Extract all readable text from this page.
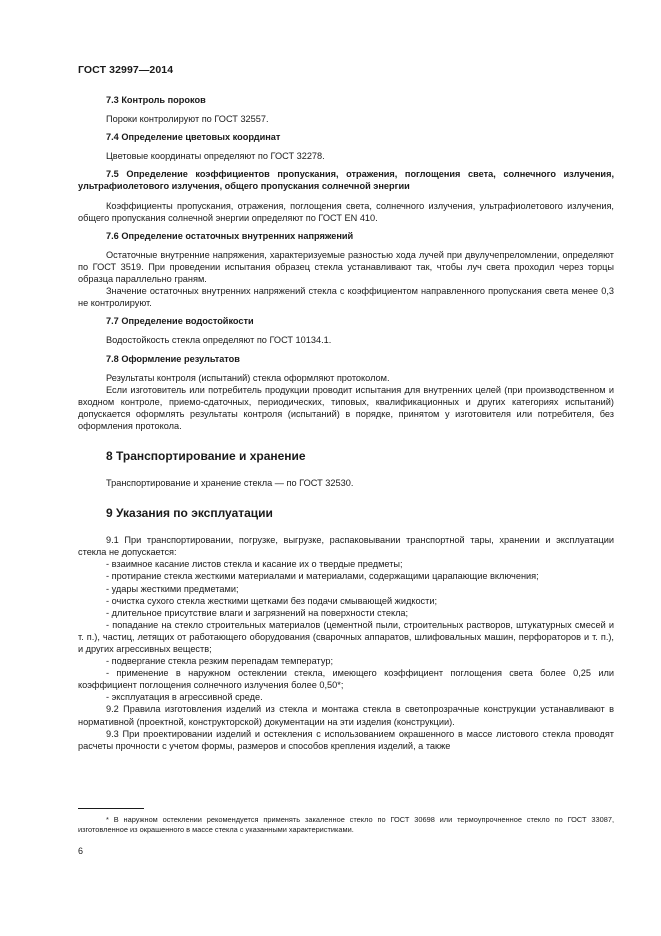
ГОСТ 32997—2014

7.3 Контроль пороков

Пороки контролируют по ГОСТ 32557.

7.4 Определение цветовых координат

Цветовые координаты определяют по ГОСТ 32278.

7.5 Определение коэффициентов пропускания, отражения, поглощения света, солнечного излучения, ультрафиолетового излучения, общего пропускания солнечной энергии

Коэффициенты пропускания, отражения, поглощения света, солнечного излучения, ультрафиолетового излучения, общего пропускания солнечной энергии определяют по ГОСТ EN 410.

7.6 Определение остаточных внутренних напряжений

Остаточные внутренние напряжения, характеризуемые разностью хода лучей при двулучепреломлении, определяют по ГОСТ 3519. При проведении испытания образец стекла устанавливают так, чтобы луч света проходил через торцы образца параллельно граням.

Значение остаточных внутренних напряжений стекла с коэффициентом направленного пропускания света менее 0,3 не контролируют.

7.7 Определение водостойкости

Водостойкость стекла определяют по ГОСТ 10134.1.

7.8 Оформление результатов

Результаты контроля (испытаний) стекла оформляют протоколом.

Если изготовитель или потребитель продукции проводит испытания для внутренних целей (при производственном и входном контроле, приемо-сдаточных, периодических, типовых, квалификационных и других категориях испытаний) допускается оформлять результаты контроля (испытаний) в порядке, принятом у изготовителя или потребителя, без оформления протокола.

8 Транспортирование и хранение

Транспортирование и хранение стекла — по ГОСТ 32530.

9 Указания по эксплуатации

9.1 При транспортировании, погрузке, выгрузке, распаковывании транспортной тары, хранении и эксплуатации стекла не допускается:

- взаимное касание листов стекла и касание их о твердые предметы;

- протирание стекла жесткими материалами и материалами, содержащими царапающие включения;

- удары жесткими предметами;

- очистка сухого стекла жесткими щетками без подачи смывающей жидкости;

- длительное присутствие влаги и загрязнений на поверхности стекла;

- попадание на стекло строительных материалов (цементной пыли, строительных растворов, штукатурных смесей и т. п.), частиц, летящих от работающего оборудования (сварочных аппаратов, шлифовальных машин, перфораторов и т. п.), и других агрессивных веществ;

- подвергание стекла резким перепадам температур;

- применение в наружном остеклении стекла, имеющего коэффициент поглощения света более 0,25 или коэффициент поглощения солнечного излучения более 0,50*;

- эксплуатация в агрессивной среде.

9.2 Правила изготовления изделий из стекла и монтажа стекла в светопрозрачные конструкции устанавливают в нормативной (проектной, конструкторской) документации на эти изделия (конструкции).

9.3 При проектировании изделий и остекления с использованием окрашенного в массе листового стекла проводят расчеты прочности с учетом формы, размеров и способов крепления изделий, а также

* В наружном остеклении рекомендуется применять закаленное стекло по ГОСТ 30698 или термоупрочненное стекло по ГОСТ 33087, изготовленное из окрашенного в массе стекла с указанными характеристиками.
6
